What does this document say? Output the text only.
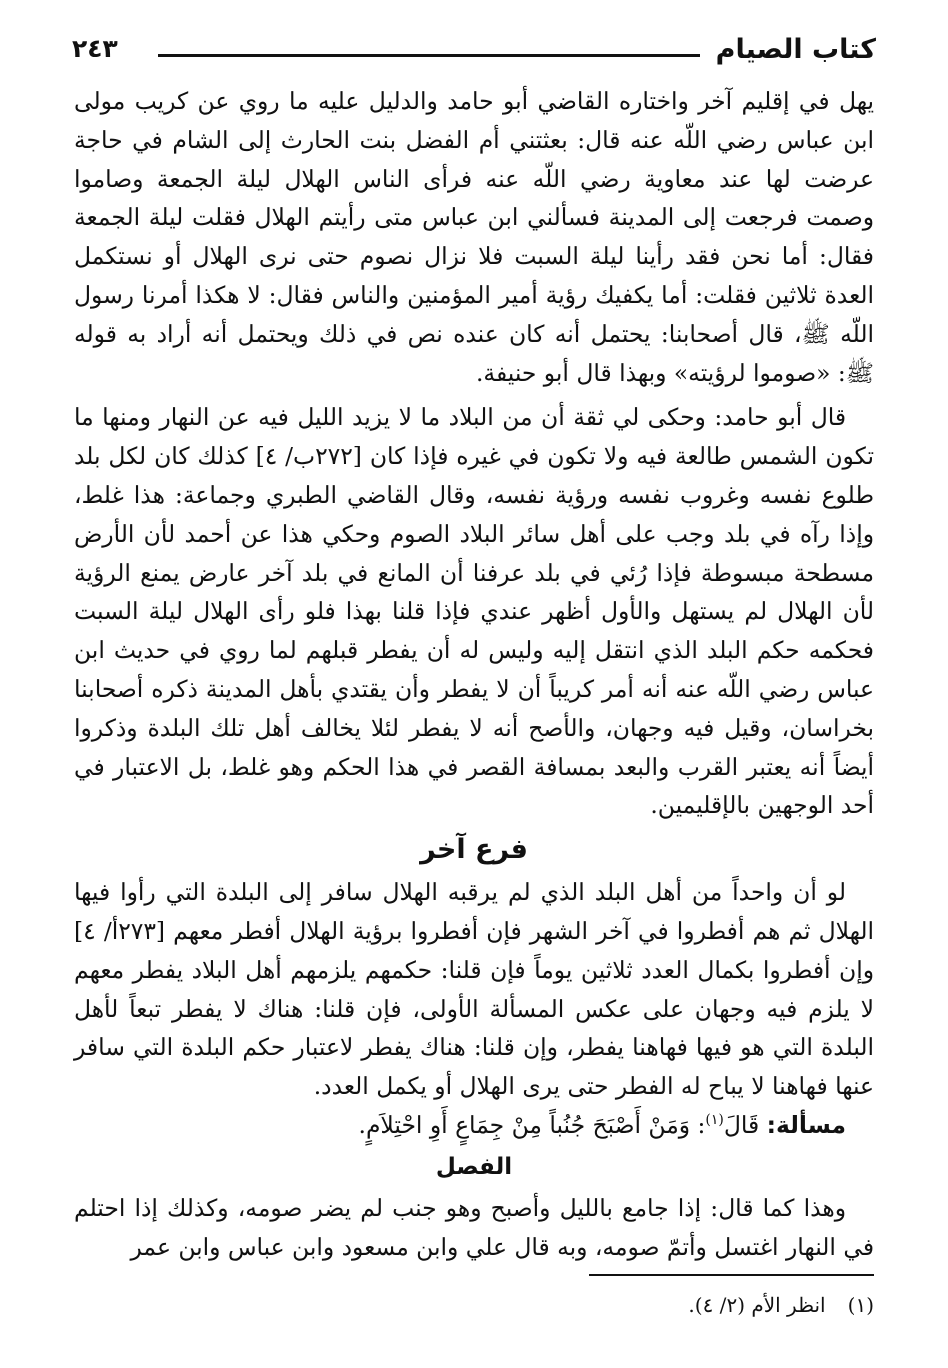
كتاب الصيام
٢٤٣

يهل في إقليم آخر واختاره القاضي أبو حامد والدليل عليه ما روي عن كريب مولى ابن عباس رضي اللّه عنه قال: بعثتني أم الفضل بنت الحارث إلى الشام في حاجة عرضت لها عند معاوية رضي اللّه عنه فرأى الناس الهلال ليلة الجمعة وصاموا وصمت فرجعت إلى المدينة فسألني ابن عباس متى رأيتم الهلال فقلت ليلة الجمعة فقال: أما نحن فقد رأينا ليلة السبت فلا نزال نصوم حتى نرى الهلال أو نستكمل العدة ثلاثين فقلت: أما يكفيك رؤية أمير المؤمنين والناس فقال: لا هكذا أمرنا رسول اللّه ﷺ، قال أصحابنا: يحتمل أنه كان عنده نص في ذلك ويحتمل أنه أراد به قوله ﷺ: «صوموا لرؤيته» وبهذا قال أبو حنيفة.

قال أبو حامد: وحكى لي ثقة أن من البلاد ما لا يزيد الليل فيه عن النهار ومنها ما تكون الشمس طالعة فيه ولا تكون في غيره فإذا كان [٢٧٢ب/ ٤] كذلك كان لكل بلد طلوع نفسه وغروب نفسه ورؤية نفسه، وقال القاضي الطبري وجماعة: هذا غلط، وإذا رآه في بلد وجب على أهل سائر البلاد الصوم وحكي هذا عن أحمد لأن الأرض مسطحة مبسوطة فإذا رُئي في بلد عرفنا أن المانع في بلد آخر عارض يمنع الرؤية لأن الهلال لم يستهل والأول أظهر عندي فإذا قلنا بهذا فلو رأى الهلال ليلة السبت فحكمه حكم البلد الذي انتقل إليه وليس له أن يفطر قبلهم لما روي في حديث ابن عباس رضي اللّه عنه أنه أمر كريباً أن لا يفطر وأن يقتدي بأهل المدينة ذكره أصحابنا بخراسان، وقيل فيه وجهان، والأصح أنه لا يفطر لئلا يخالف أهل تلك البلدة وذكروا أيضاً أنه يعتبر القرب والبعد بمسافة القصر في هذا الحكم وهو غلط، بل الاعتبار في أحد الوجهين بالإقليمين.

فرع آخر

لو أن واحداً من أهل البلد الذي لم يرقبه الهلال سافر إلى البلدة التي رأوا فيها الهلال ثم هم أفطروا في آخر الشهر فإن أفطروا برؤية الهلال أفطر معهم [٢٧٣أ/ ٤] وإن أفطروا بكمال العدد ثلاثين يوماً فإن قلنا: حكمهم يلزمهم أهل البلاد يفطر معهم لا يلزم فيه وجهان على عكس المسألة الأولى، فإن قلنا: هناك لا يفطر تبعاً لأهل البلدة التي هو فيها فهاهنا يفطر، وإن قلنا: هناك يفطر لاعتبار حكم البلدة التي سافر عنها فهاهنا لا يباح له الفطر حتى يرى الهلال أو يكمل العدد.

مسألة: قَالَ$^{(١)}$: وَمَنْ أَصْبَحَ جُنُباً مِنْ جِمَاعٍ أَوِ احْتِلاَمٍ.

الفصل

وهذا كما قال: إذا جامع بالليل وأصبح وهو جنب لم يضر صومه، وكذلك إذا احتلم في النهار اغتسل وأتمّ صومه، وبه قال علي وابن مسعود وابن عباس وابن عمر

(١)انظر الأم (٢/ ٤).
